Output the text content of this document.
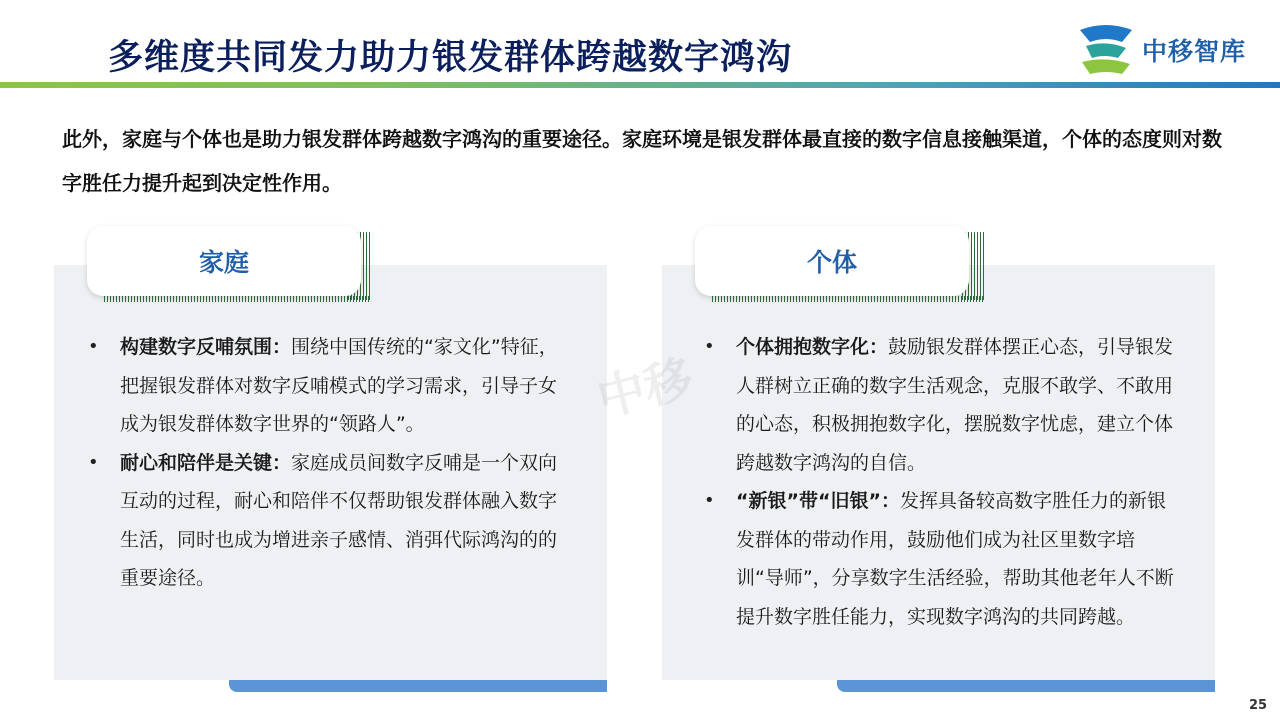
多维度共同发力助力银发群体跨越数字鸿沟	中移智库
此外，家庭与个体也是助力银发群体跨越数字鸿沟的重要途径。家庭环境是银发群体最直接的数字信息接触渠道，个体的态度则对数字胜任力提升起到决定性作用。
家庭
• 构建数字反哺氛围：围绕中国传统的“家文化”特征，把握银发群体对数字反哺模式的学习需求，引导子女成为银发群体数字世界的“领路人”。
• 耐心和陪伴是关键：家庭成员间数字反哺是一个双向互动的过程，耐心和陪伴不仅帮助银发群体融入数字生活，同时也成为增进亲子感情、消弭代际鸿沟的的重要途径。
个体
• 个体拥抱数字化：鼓励银发群体摆正心态，引导银发人群树立正确的数字生活观念，克服不敢学、不敢用的心态，积极拥抱数字化，摆脱数字忧虑，建立个体跨越数字鸿沟的自信。
• “新银”带“旧银”：发挥具备较高数字胜任力的新银发群体的带动作用，鼓励他们成为社区里数字培训“导师”，分享数字生活经验，帮助其他老年人不断提升数字胜任能力，实现数字鸿沟的共同跨越。
中移
25
